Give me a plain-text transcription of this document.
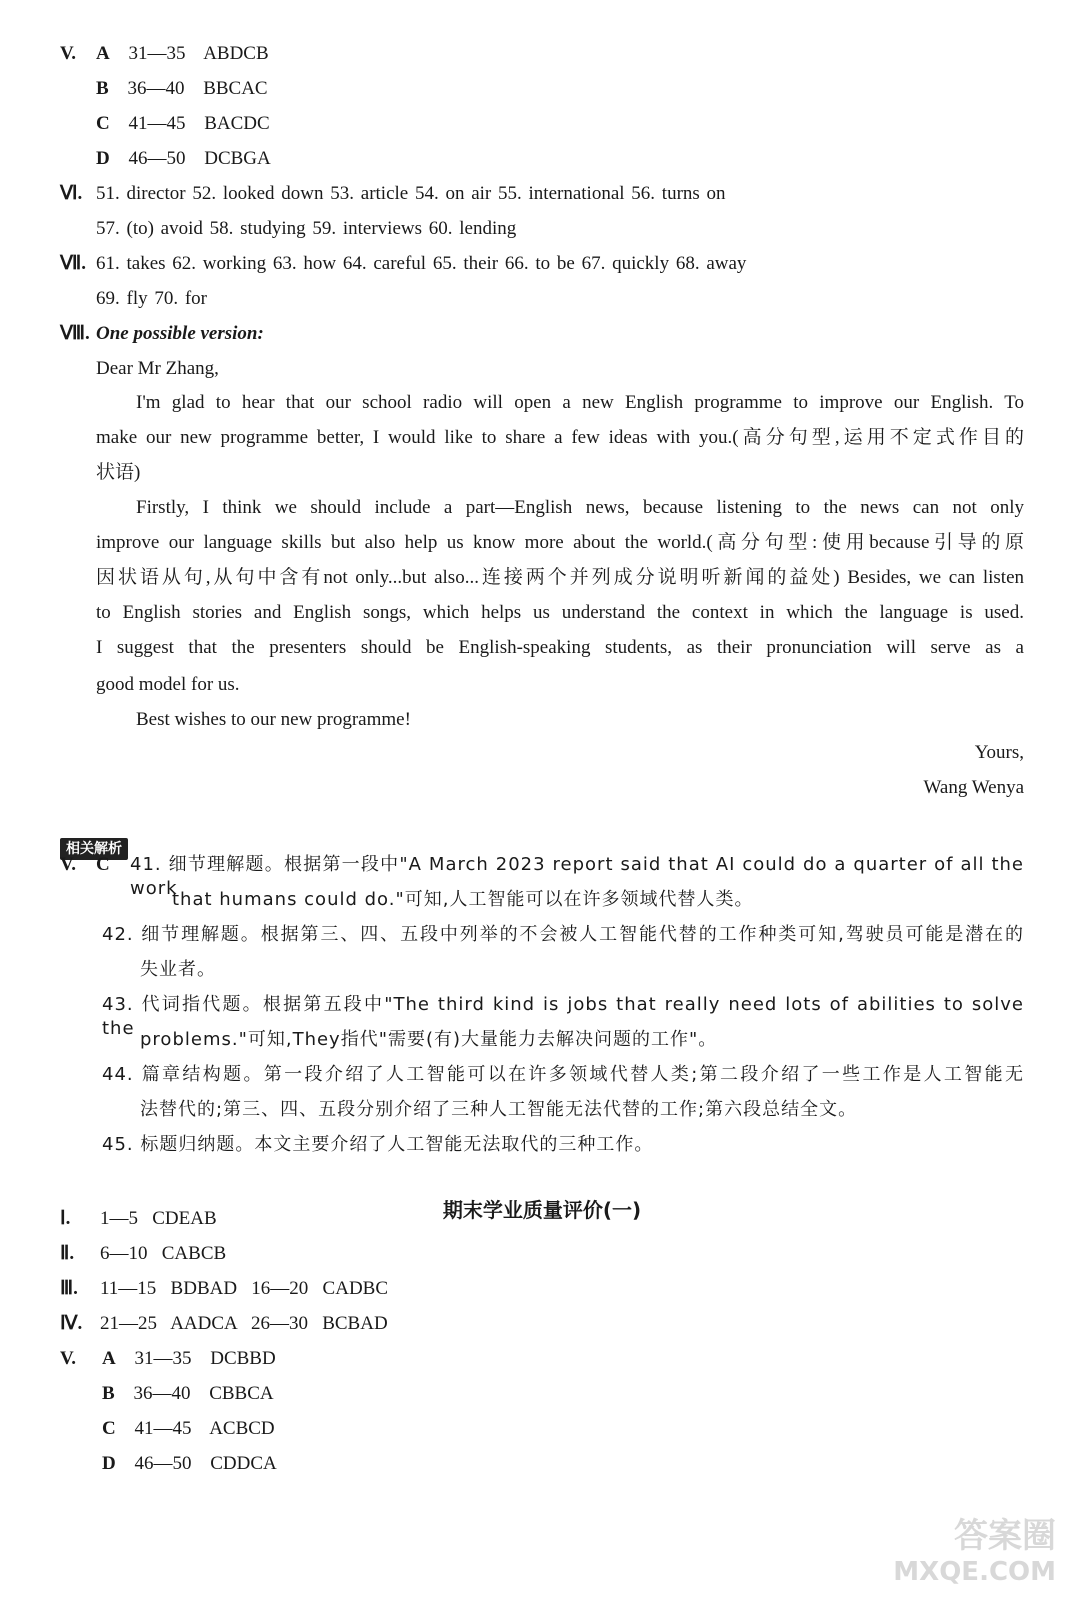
V. A 31—35 ABDCB
B 36—40 BBCAC
C 41—45 BACDC
D 46—50 DCBGA
Ⅵ. 51. director 52. looked down 53. article 54. on air 55. international 56. turns on
57. (to) avoid 58. studying 59. interviews 60. lending
Ⅶ. 61. takes 62. working 63. how 64. careful 65. their 66. to be 67. quickly 68. away
69. fly 70. for
Ⅷ. One possible version:
Dear Mr Zhang,
I'm glad to hear that our school radio will open a new English programme to improve our English. To
make our new programme better, I would like to share a few ideas with you.(高分句型,运用不定式作目的
状语)
Firstly, I think we should include a part—English news, because listening to the news can not only
improve our language skills but also help us know more about the world.(高分句型:使用because引导的原
因状语从句,从句中含有not only...but also...连接两个并列成分说明听新闻的益处) Besides, we can listen
to English stories and English songs, which helps us understand the context in which the language is used.
I suggest that the presenters should be English-speaking students, as their pronunciation will serve as a
good model for us.
Best wishes to our new programme!
Yours,
Wang Wenya
相关解析
V. C 41. 细节理解题。根据第一段中"A March 2023 report said that AI could do a quarter of all the work
that humans could do."可知,人工智能可以在许多领域代替人类。
42. 细节理解题。根据第三、四、五段中列举的不会被人工智能代替的工作种类可知,驾驶员可能是潜在的
失业者。
43. 代词指代题。根据第五段中"The third kind is jobs that really need lots of abilities to solve the
problems."可知,They指代"需要(有)大量能力去解决问题的工作"。
44. 篇章结构题。第一段介绍了人工智能可以在许多领域代替人类;第二段介绍了一些工作是人工智能无
法替代的;第三、四、五段分别介绍了三种人工智能无法代替的工作;第六段总结全文。
45. 标题归纳题。本文主要介绍了人工智能无法取代的三种工作。
期末学业质量评价(一)
Ⅰ. 1—5   CDEAB
Ⅱ. 6—10   CABCB
Ⅲ. 11—15   BDBAD   16—20   CADBC
Ⅳ. 21—25   AADCA   26—30   BCBAD
V. A 31—35 DCBBD
B 36—40 CBBCA
C 41—45 ACBCD
D 46—50 CDDCA
答案圈
MXQE.COM
